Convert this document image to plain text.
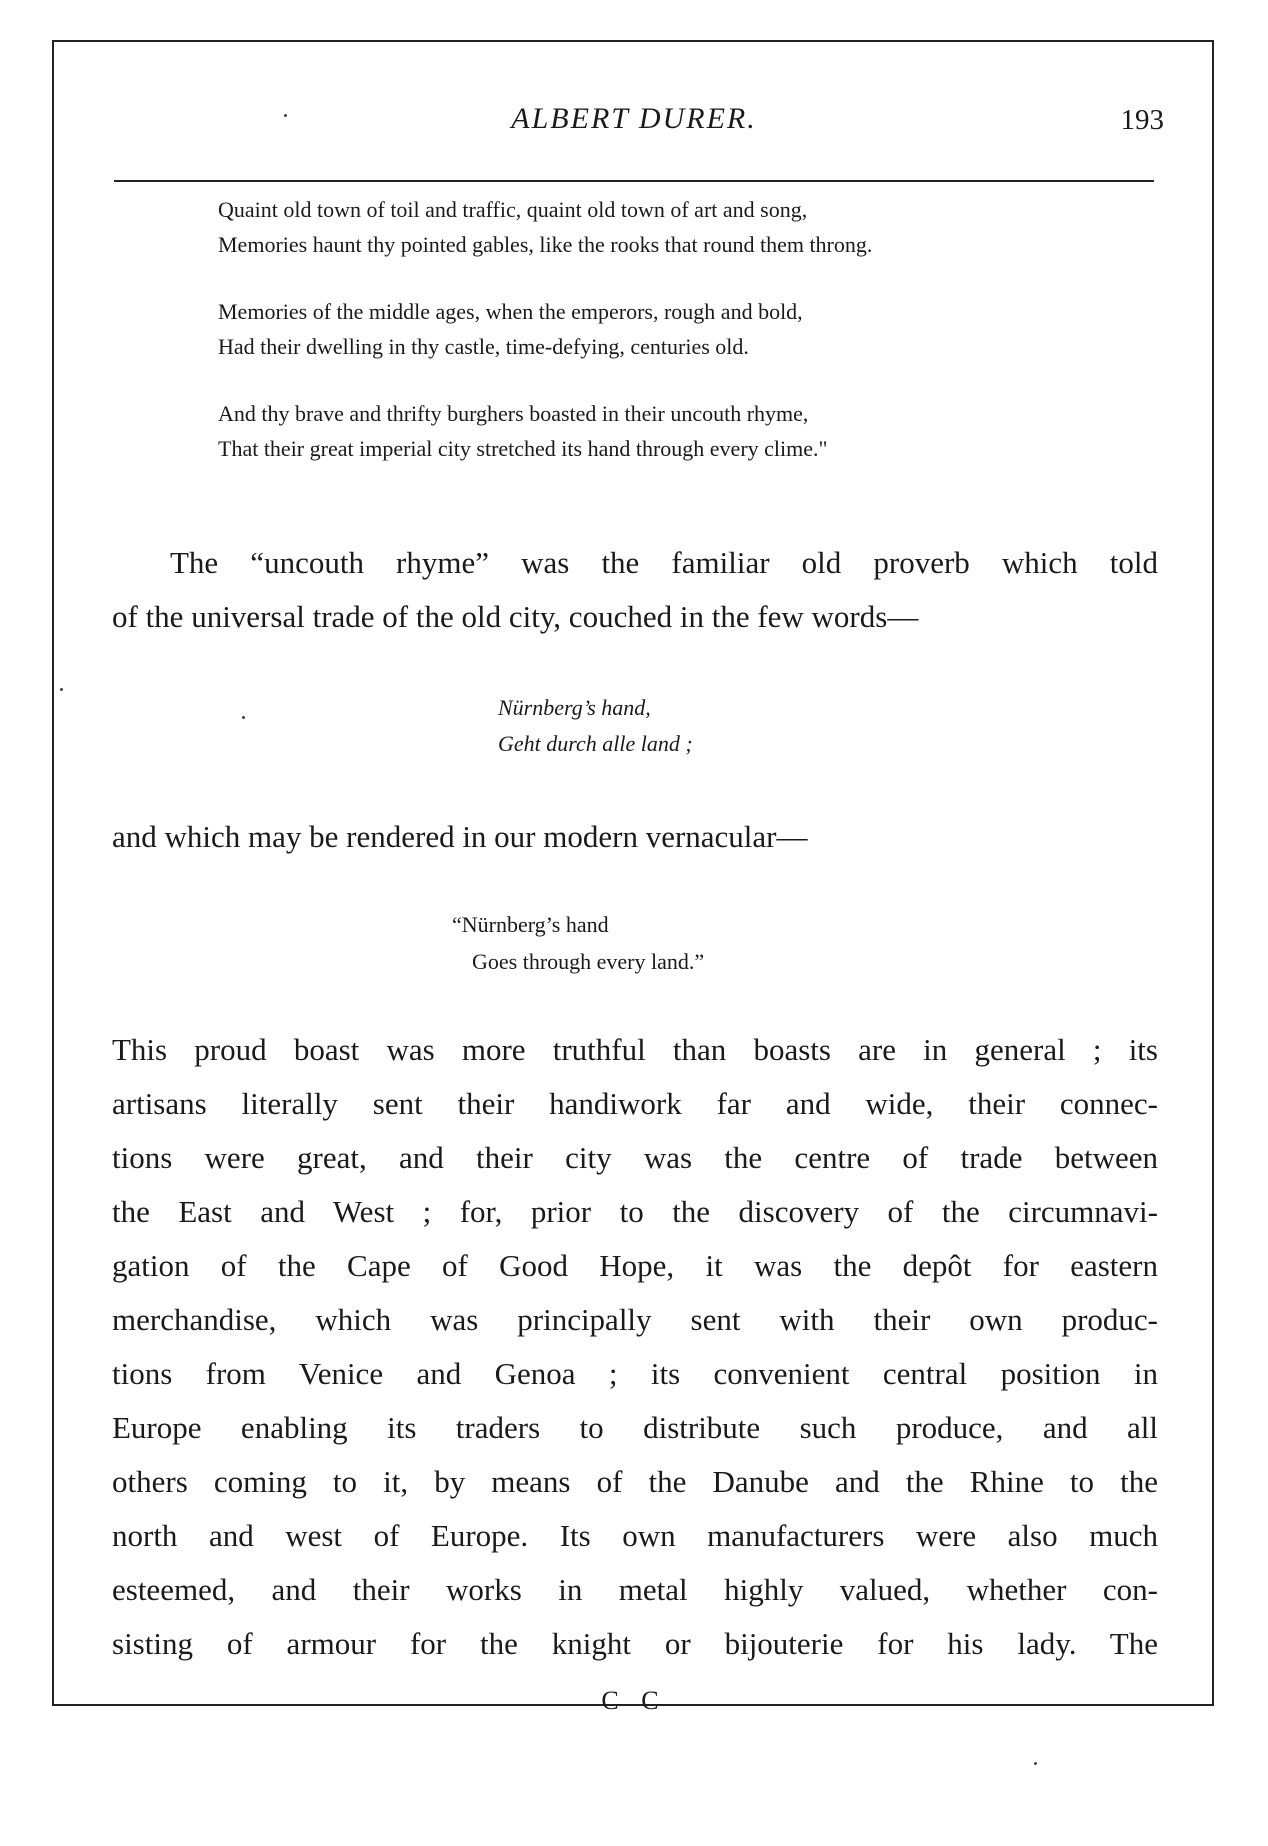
ALBERT DURER.	193
Quaint old town of toil and traffic, quaint old town of art and song,
Memories haunt thy pointed gables, like the rooks that round them throng.
Memories of the middle ages, when the emperors, rough and bold,
Had their dwelling in thy castle, time-defying, centuries old.
And thy brave and thrifty burghers boasted in their uncouth rhyme,
That their great imperial city stretched its hand through every clime."
The “uncouth rhyme” was the familiar old proverb which told
of the universal trade of the old city, couched in the few words—
Nürnberg’s hand,
Geht durch alle land ;
and which may be rendered in our modern vernacular—
“Nürnberg’s hand
Goes through every land.”
This proud boast was more truthful than boasts are in general ; its
artisans literally sent their handiwork far and wide, their connec-
tions were great, and their city was the centre of trade between
the East and West ; for, prior to the discovery of the circumnavi-
gation of the Cape of Good Hope, it was the depôt for eastern
merchandise, which was principally sent with their own produc-
tions from Venice and Genoa ; its convenient central position in
Europe enabling its traders to distribute such produce, and all
others coming to it, by means of the Danube and the Rhine to the
north and west of Europe. Its own manufacturers were also much
esteemed, and their works in metal highly valued, whether con-
sisting of armour for the knight or bijouterie for his lady. The
C C
